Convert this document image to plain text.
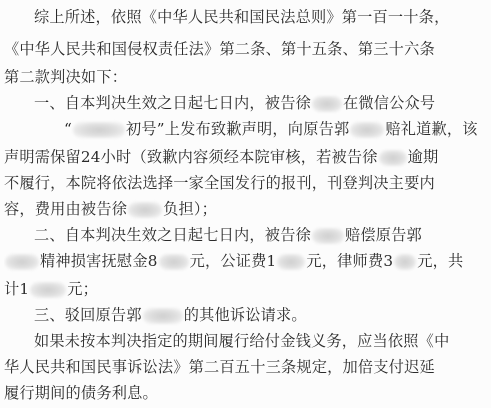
综上所述，依照《中华人民共和国民法总则》第一百一十条，
《中华人民共和国侵权责任法》第二条、第十五条、第三十六条
第二款判决如下：
一、自本判决生效之日起七日内，被告徐 在微信公众号
“	初号”上发布致歉声明，向原告郭 赔礼道歉，该
声明需保留24小时（致歉内容须经本院审核，若被告徐 逾期
不履行，本院将依法选择一家全国发行的报刊，刊登判决主要内
容，费用由被告徐 负担）；
二、自本判决生效之日起七日内，被告徐 赔偿原告郭
精神损害抚慰金8 元，公证费1 元，律师费3 元，共
计1	元；
三、驳回原告郭	的其他诉讼请求。
如果未按本判决指定的期间履行给付金钱义务，应当依照《中
华人民共和国民事诉讼法》第二百五十三条规定，加倍支付迟延
履行期间的债务利息。
